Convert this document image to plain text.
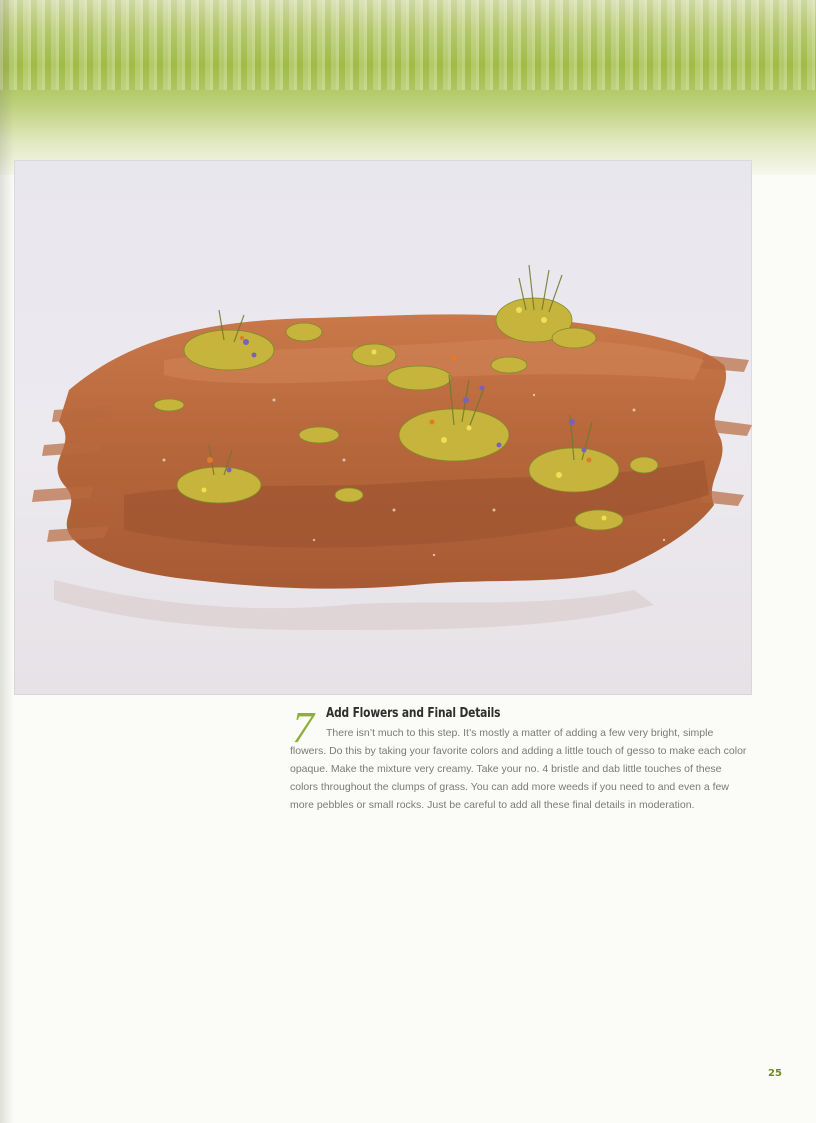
7 Add Flowers and Final Details
There isn’t much to this step. It’s mostly a matter of adding a few very bright, simple flowers. Do this by taking your favorite colors and adding a little touch of gesso to make each color opaque. Make the mixture very creamy. Take your no. 4 bristle and dab little touches of these colors throughout the clumps of grass. You can add more weeds if you need to and even a few more pebbles or small rocks. Just be careful to add all these final details in moderation.
25
